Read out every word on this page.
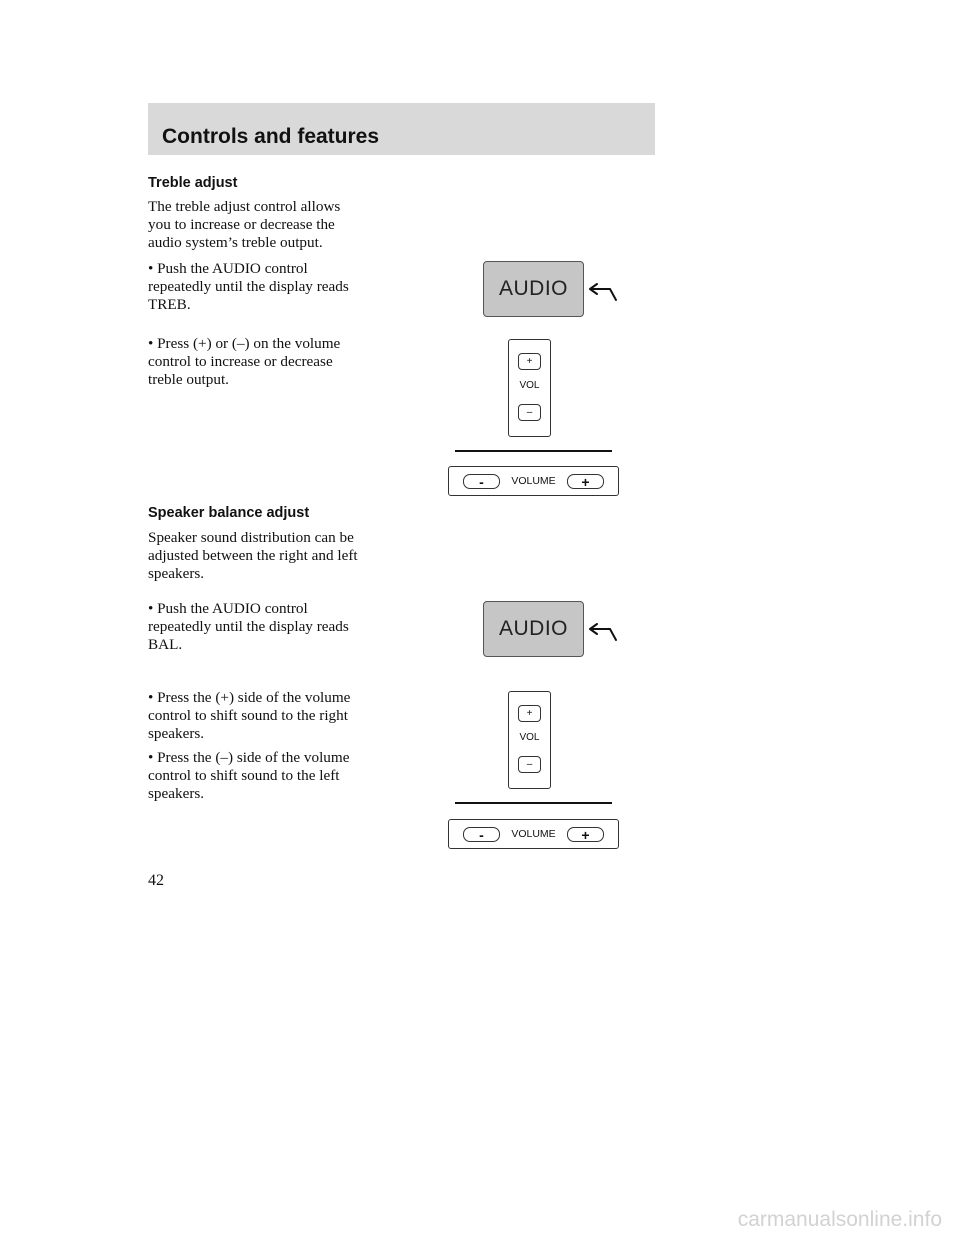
Controls and features
Treble adjust

The treble adjust control allows
you to increase or decrease the
audio system’s treble output.

• Push the AUDIO control
repeatedly until the display reads
TREB.

• Press (+) or (–) on the volume
control to increase or decrease
treble output.

AUDIO
+
VOL
–
-	VOLUME	+
Speaker balance adjust

Speaker sound distribution can be
adjusted between the right and left
speakers.

• Push the AUDIO control
repeatedly until the display reads
BAL.

• Press the (+) side of the volume
control to shift sound to the right
speakers.

• Press the (–) side of the volume
control to shift sound to the left
speakers.

AUDIO
+
VOL
–
-	VOLUME	+

42

carmanualsonline.info
